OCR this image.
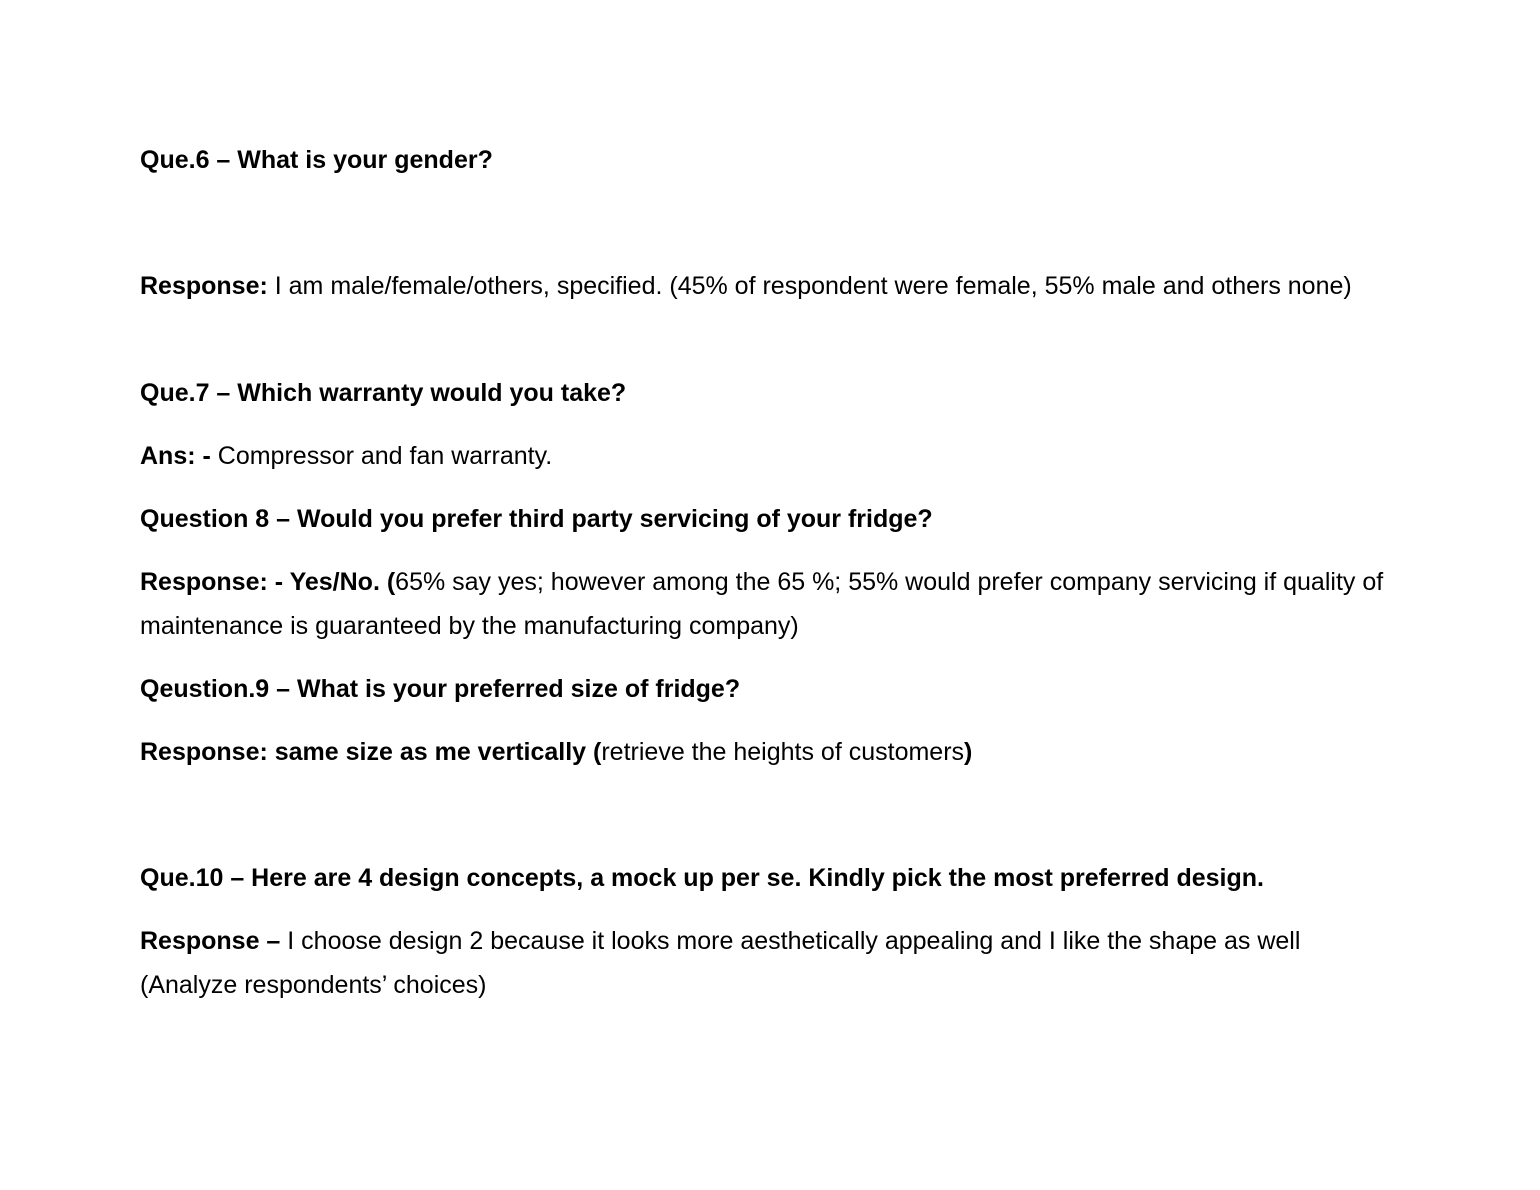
Que.6 – What is your gender?

Response: I am male/female/others, specified. (45% of respondent were female, 55% male and others none)

Que.7 – Which warranty would you take?

Ans: - Compressor and fan warranty.

Question 8 – Would you prefer third party servicing of your fridge?

Response: - Yes/No. (65% say yes; however among the 65 %; 55% would prefer company servicing if quality of maintenance is guaranteed by the manufacturing company)

Qeustion.9 – What is your preferred size of fridge?

Response: same size as me vertically (retrieve the heights of customers)

Que.10 – Here are 4 design concepts, a mock up per se. Kindly pick the most preferred design.

Response – I choose design 2 because it looks more aesthetically appealing and I like the shape as well (Analyze respondents’ choices)
